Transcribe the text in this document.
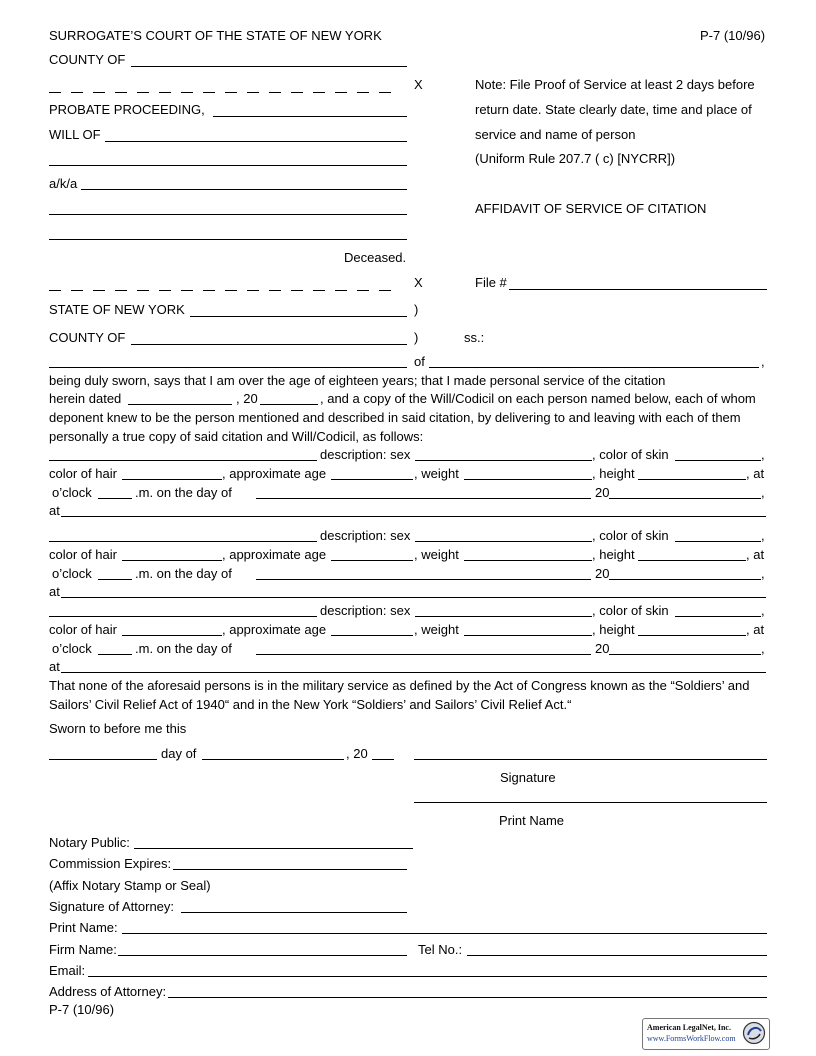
SURROGATE’S COURT OF THE STATE OF NEW YORK	P-7 (10/96)
COUNTY OF
X
PROBATE PROCEEDING,
WILL OF
a/k/a
Deceased.
X
Note: File Proof of Service at least 2 days before
return date. State clearly date, time and place of
service and name of person
(Uniform Rule 207.7 ( c) [NYCRR])
AFFIDAVIT OF SERVICE OF CITATION
File #
STATE OF NEW YORK	)
COUNTY OF	)	ss.:
of	,
being duly sworn, says that I am over the age of eighteen years; that I made personal service of the citation
herein dated	, 20	, and a copy of the Will/Codicil on each person named below, each of whom
deponent knew to be the person mentioned and described in said citation, by delivering to and leaving with each of them
personally a true copy of said citation and Will/Codicil, as follows:
description: sex	, color of skin	,
color of hair	, approximate age	, weight	, height	, at
o’clock	.m. on the day of	20	,
at
description: sex	, color of skin	,
color of hair	, approximate age	, weight	, height	, at
o’clock	.m. on the day of	20	,
at
description: sex	, color of skin	,
color of hair	, approximate age	, weight	, height	, at
o’clock	.m. on the day of	20	,
at
That none of the aforesaid persons is in the military service as defined by the Act of Congress known as the “Soldiers’ and
Sailors’ Civil Relief Act of 1940“ and in the New York “Soldiers’ and Sailors’ Civil Relief Act.“
Sworn to before me this
day of	, 20
Signature
Print Name
Notary Public:
Commission Expires:
(Affix Notary Stamp or Seal)
Signature of Attorney:
Print Name:
Firm Name:	Tel No.:
Email:
Address of Attorney:
P-7 (10/96)
American LegalNet, Inc.
www.FormsWorkFlow.com
